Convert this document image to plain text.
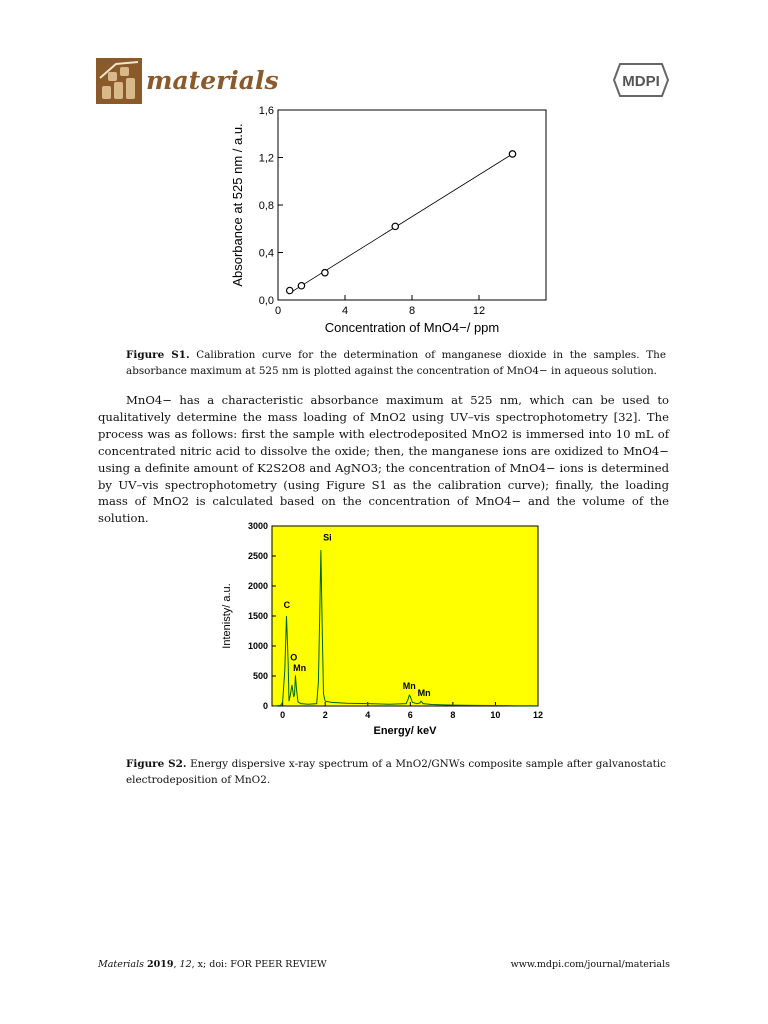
materials	MDPI
0,0
0,4
0,8
1,2
1,6
0	4	8	12
Absorbance at 525 nm / a.u.
Concentration of MnO4−/ ppm

Figure S1. Calibration curve for the determination of manganese dioxide in the samples. The absorbance maximum at 525 nm is plotted against the concentration of MnO4− in aqueous solution.

MnO4− has a characteristic absorbance maximum at 525 nm, which can be used to qualitatively determine the mass loading of MnO2 using UV–vis spectrophotometry [32]. The process was as follows: first the sample with electrodeposited MnO2 is immersed into 10 mL of concentrated nitric acid to dissolve the oxide; then, the manganese ions are oxidized to MnO4− using a definite amount of K2S2O8 and AgNO3; the concentration of MnO4− ions is determined by UV–vis spectrophotometry (using Figure S1 as the calibration curve); finally, the loading mass of MnO2 is calculated based on the concentration of MnO4− and the volume of the solution.

0
500
1000
1500
2000
2500
3000
0	2	4	6	8	10	12
C
O
Mn
Si
Mn
Mn
Intenisty/ a.u.
Energy/ keV

Figure S2. Energy dispersive x-ray spectrum of a MnO2/GNWs composite sample after galvanostatic electrodeposition of MnO2.

Materials 2019, 12, x; doi: FOR PEER REVIEW	www.mdpi.com/journal/materials
